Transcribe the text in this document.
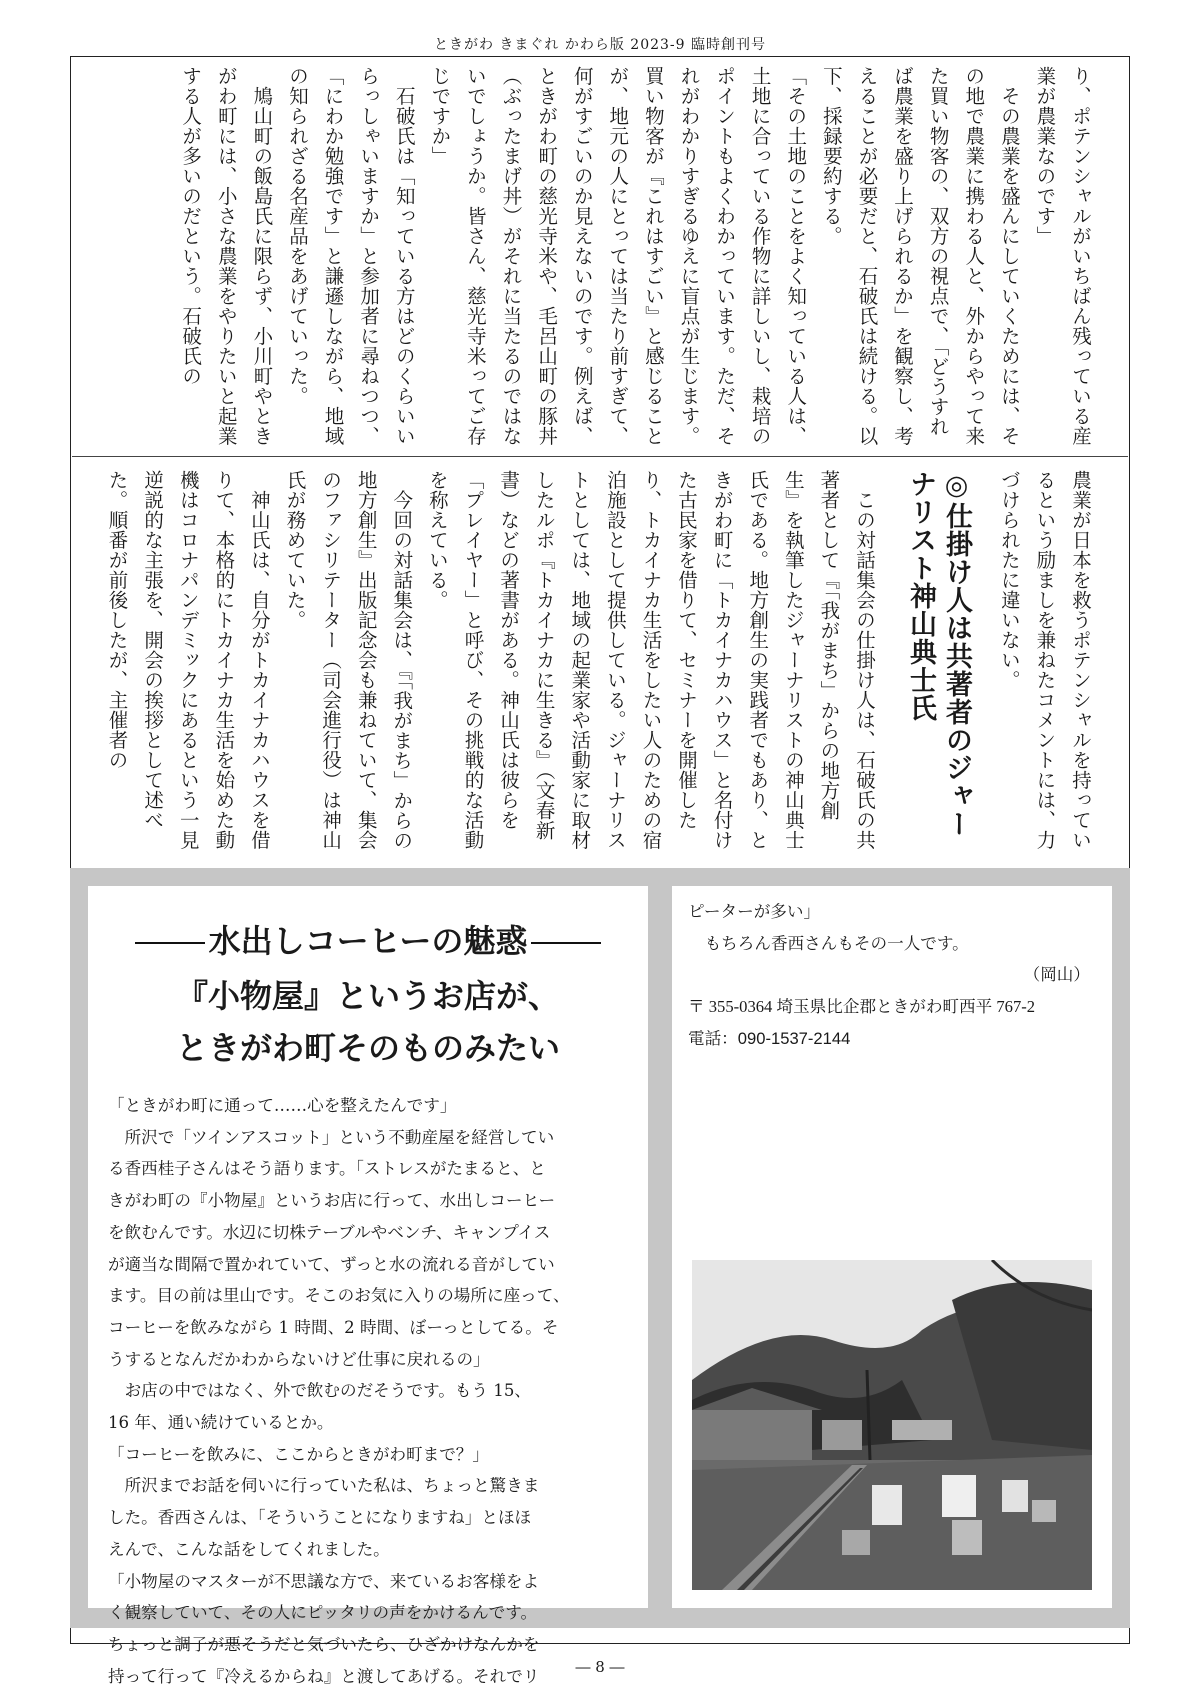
ときがわ きまぐれ かわら版 2023-9 臨時創刊号

り、ポテンシャルがいちばん残っている産業が農業なのです」

その農業を盛んにしていくためには、その地で農業に携わる人と、外からやって来た買い物客の、双方の視点で、「どうすれば農業を盛り上げられるか」を観察し、考えることが必要だと、石破氏は続ける。以下、採録要約する。

「その土地のことをよく知っている人は、土地に合っている作物に詳しいし、栽培のポイントもよくわかっています。ただ、それがわかりすぎるゆえに盲点が生じます。買い物客が『これはすごい』と感じることが、地元の人にとっては当たり前すぎて、何がすごいのか見えないのです。例えば、ときがわ町の慈光寺米や、毛呂山町の豚丼（ぶったまげ丼）がそれに当たるのではないでしょうか。皆さん、慈光寺米ってご存じですか」

石破氏は「知っている方はどのくらいいらっしゃいますか」と参加者に尋ねつつ、「にわか勉強です」と謙遜しながら、地域の知られざる名産品をあげていった。

鳩山町の飯島氏に限らず、小川町やときがわ町には、小さな農業をやりたいと起業する人が多いのだという。石破氏の

農業が日本を救うポテンシャルを持っているという励ましを兼ねたコメントには、力づけられたに違いない。

◎仕掛け人は共著者のジャーナリスト神山典士氏

この対話集会の仕掛け人は、石破氏の共著者として『「我がまち」からの地方創生』を執筆したジャーナリストの神山典士氏である。地方創生の実践者でもあり、ときがわ町に「トカイナカハウス」と名付けた古民家を借りて、セミナーを開催したり、トカイナカ生活をしたい人のための宿泊施設として提供している。ジャーナリストとしては、地域の起業家や活動家に取材したルポ『トカイナカに生きる』（文春新書）などの著書がある。神山氏は彼らを「プレイヤー」と呼び、その挑戦的な活動を称えている。

今回の対話集会は、『「我がまち」からの地方創生』出版記念会も兼ねていて、集会のファシリテーター（司会進行役）は神山氏が務めていた。

神山氏は、自分がトカイナカハウスを借りて、本格的にトカイナカ生活を始めた動機はコロナパンデミックにあるという一見逆説的な主張を、開会の挨拶として述べた。順番が前後したが、主催者の

水出しコーヒーの魅惑
『小物屋』というお店が、
ときがわ町そのものみたい

「ときがわ町に通って……心を整えたんです」

所沢で「ツインアスコット」という不動産屋を経営してい

る香西桂子さんはそう語ります。「ストレスがたまると、と

きがわ町の『小物屋』というお店に行って、水出しコーヒー

を飲むんです。水辺に切株テーブルやベンチ、キャンプイス

が適当な間隔で置かれていて、ずっと水の流れる音がしてい

ます。目の前は里山です。そこのお気に入りの場所に座って、

コーヒーを飲みながら 1 時間、2 時間、ぼーっとしてる。そ

うするとなんだかわからないけど仕事に戻れるの」

お店の中ではなく、外で飲むのだそうです。もう 15、

16 年、通い続けているとか。

「コーヒーを飲みに、ここからときがわ町まで？」

所沢までお話を伺いに行っていた私は、ちょっと驚きま

した。香西さんは、「そういうことになりますね」とほほ

えんで、こんな話をしてくれました。

「小物屋のマスターが不思議な方で、来ているお客様をよ

く観察していて、その人にピッタリの声をかけるんです。

ちょっと調子が悪そうだと気づいたら、ひざかけなんかを

持って行って『冷えるからね』と渡してあげる。それでリ

ピーターが多い」

もちろん香西さんもその一人です。

（岡山）

〒 355-0364 埼玉県比企郡ときがわ町西平 767-2

電話：090-1537-2144

― 8 ―
